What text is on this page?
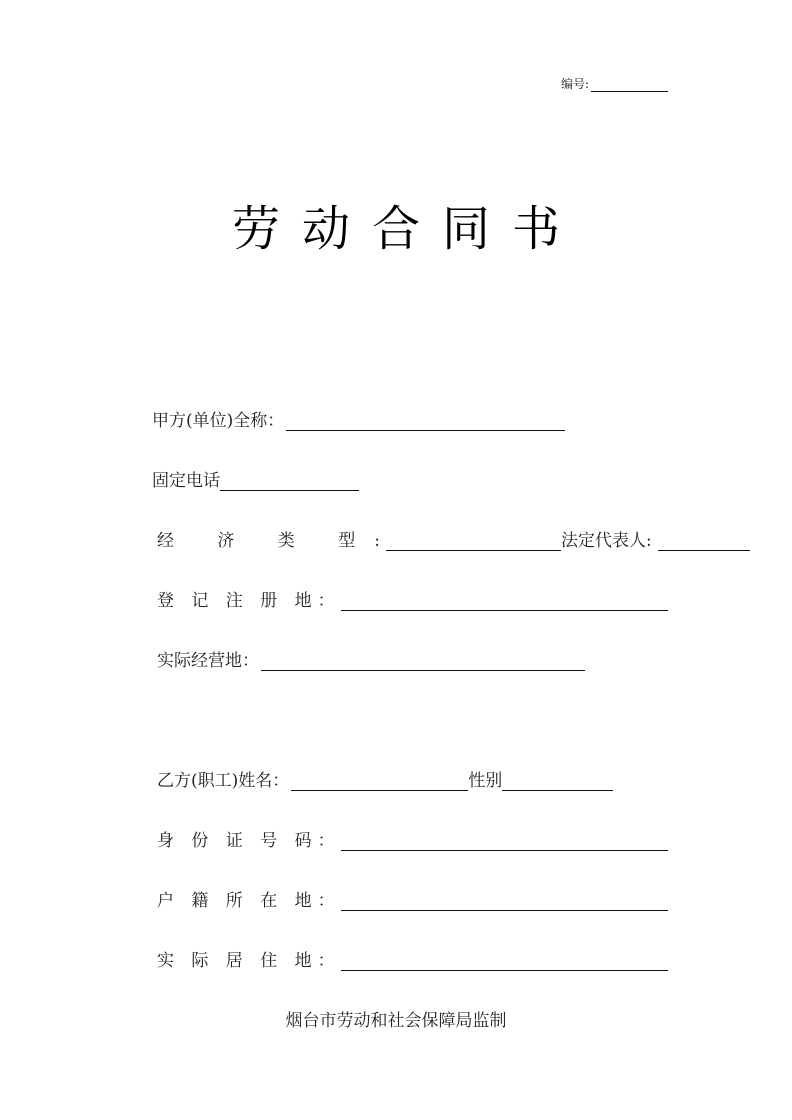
编号:
劳动合同书
甲方(单位)全称：
固定电话
经 济 类 型:	法定代表人:
登 记 注 册 地：
实际经营地：
乙方(职工)姓名：	性别
身 份 证 号 码：
户 籍 所 在 地：
实 际 居 住 地：
烟台市劳动和社会保障局监制
